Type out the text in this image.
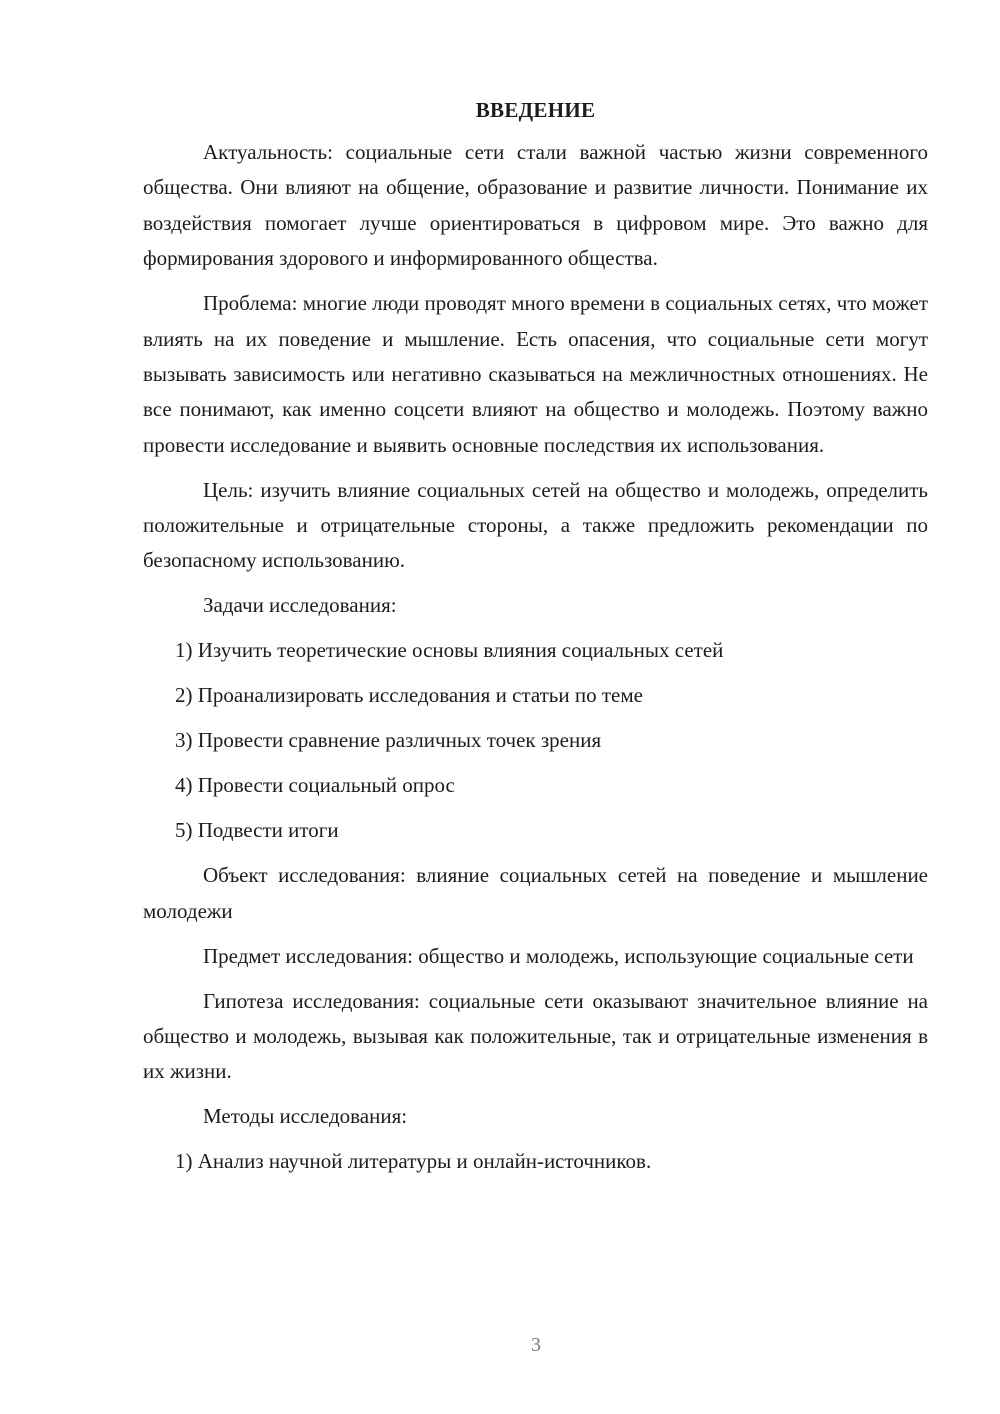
ВВЕДЕНИЕ

Актуальность: социальные сети стали важной частью жизни современного общества. Они влияют на общение, образование и развитие личности. Понимание их воздействия помогает лучше ориентироваться в цифровом мире. Это важно для формирования здорового и информированного общества.

Проблема: многие люди проводят много времени в социальных сетях, что может влиять на их поведение и мышление. Есть опасения, что социальные сети могут вызывать зависимость или негативно сказываться на межличностных отношениях. Не все понимают, как именно соцсети влияют на общество и молодежь. Поэтому важно провести исследование и выявить основные последствия их использования.

Цель: изучить влияние социальных сетей на общество и молодежь, определить положительные и отрицательные стороны, а также предложить рекомендации по безопасному использованию.

Задачи исследования:

1) Изучить теоретические основы влияния социальных сетей
2) Проанализировать исследования и статьи по теме
3) Провести сравнение различных точек зрения
4) Провести социальный опрос
5) Подвести итоги

Объект исследования: влияние социальных сетей на поведение и мышление молодежи

Предмет исследования: общество и молодежь, использующие социальные сети

Гипотеза исследования: социальные сети оказывают значительное влияние на общество и молодежь, вызывая как положительные, так и отрицательные изменения в их жизни.

Методы исследования:

1) Анализ научной литературы и онлайн-источников.
3
